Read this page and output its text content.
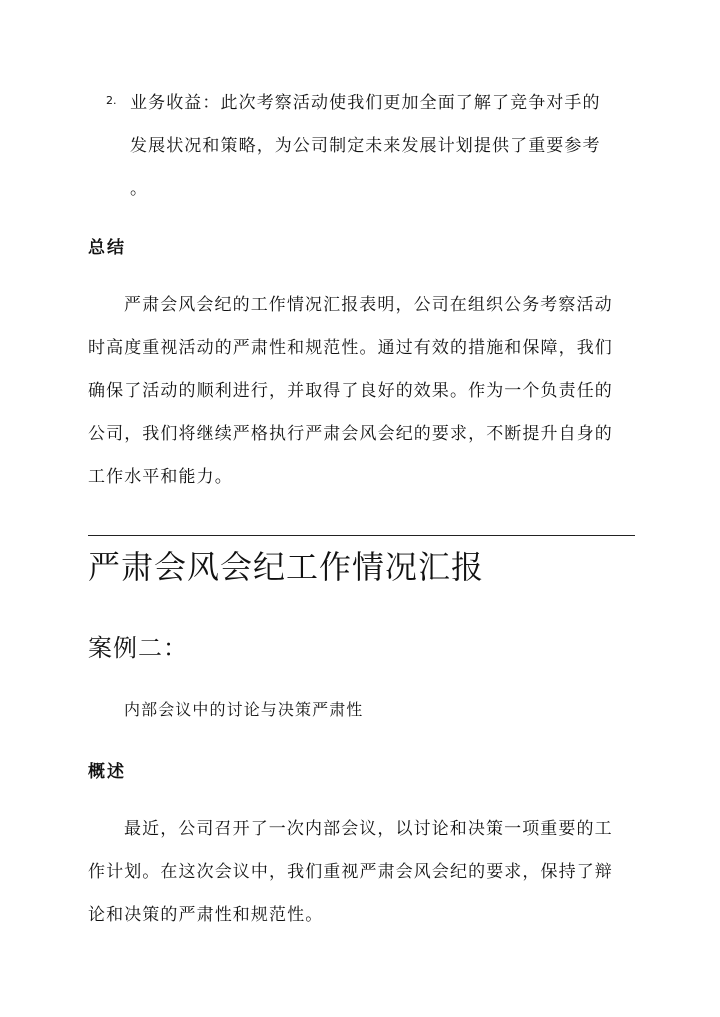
2. 业务收益：此次考察活动使我们更加全面了解了竞争对手的
发展状况和策略，为公司制定未来发展计划提供了重要参考
。
总结
严肃会风会纪的工作情况汇报表明，公司在组织公务考察活动
时高度重视活动的严肃性和规范性。通过有效的措施和保障，我们
确保了活动的顺利进行，并取得了良好的效果。作为一个负责任的
公司，我们将继续严格执行严肃会风会纪的要求，不断提升自身的
工作水平和能力。
严肃会风会纪工作情况汇报
案例二：
内部会议中的讨论与决策严肃性
概述
最近，公司召开了一次内部会议，以讨论和决策一项重要的工
作计划。在这次会议中，我们重视严肃会风会纪的要求，保持了辩
论和决策的严肃性和规范性。
